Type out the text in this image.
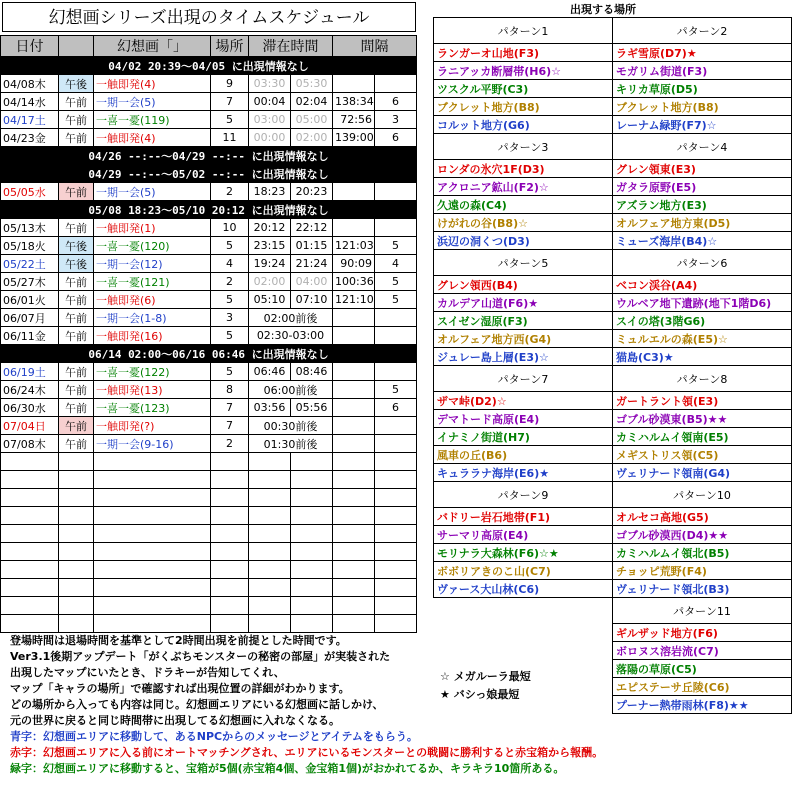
幻想画シリーズ出現のタイムスケジュール
日付		幻想画「」	場所	滞在時間		間隔	
04/02 20:39～04/05 に出現情報なし							
04/08木	午後	一触即発(4)	9	03:30	05:30		
04/14水	午前	一期一会(5)	7	00:04	02:04	138:34	6
04/17土	午前	一喜一憂(119)	5	03:00	05:00	72:56	3
04/23金	午前	一触即発(4)	11	00:00	02:00	139:00	6
04/26 --:--～04/29 --:-- に出現情報なし							
04/29 --:--～05/02 --:-- に出現情報なし							
05/05水	午前	一期一会(5)	2	18:23	20:23		
05/08 18:23～05/10 20:12 に出現情報なし							
05/13木	午前	一触即発(1)	10	20:12	22:12		
05/18火	午後	一喜一憂(120)	5	23:15	01:15	121:03	5
05/22土	午後	一期一会(12)	4	19:24	21:24	90:09	4
05/27木	午前	一喜一憂(121)	2	02:00	04:00	100:36	5
06/01火	午前	一触即発(6)	5	05:10	07:10	121:10	5
06/07月	午前	一期一会(1-8)	3	02:00前後			
06/11金	午前	一触即発(16)	5	02:30-03:00			
06/14 02:00～06/16 06:46 に出現情報なし							
06/19土	午前	一喜一憂(122)	5	06:46	08:46		
06/24木	午前	一触即発(13)	8	06:00前後			5
06/30水	午前	一喜一憂(123)	7	03:56	05:56		6
07/04日	午前	一触即発(?)	7	00:30前後			
07/08木	午前	一期一会(9-16)	2	01:30前後			

登場時間は退場時間を基準として2時間出現を前提とした時間です。
Ver3.1後期アップデート「がくぶちモンスターの秘密の部屋」が実装された
出現したマップにいたとき、ドラキーが告知してくれ、
マップ「キャラの場所」で確認すれば出現位置の詳細がわかります。
どの場所から入っても内容は同じ。幻想画エリアにいる幻想画に話しかけ、
元の世界に戻ると同じ時間帯に出現してる幻想画に入れなくなる。
青字：幻想画エリアに移動して、あるNPCからのメッセージとアイテムをもらう。
赤字：幻想画エリアに入る前にオートマッチングされ、エリアにいるモンスターとの戦闘に勝利すると赤宝箱から報酬。
緑字：幻想画エリアに移動すると、宝箱が5個(赤宝箱4個、金宝箱1個)がおかれてるか、キラキラ10箇所ある。
出現する場所
パターン1	パターン2
ランガーオ山地(F3)	ラギ雪原(D7)★
ラニアッカ断層帯(H6)☆	モガリム街道(F3)
ツスクル平野(C3)	キリカ草原(D5)
ブクレット地方(B8)	ブクレット地方(B8)
コルット地方(G6)	レーナム緑野(F7)☆
パターン3	パターン4
ロンダの氷穴1F(D3)	グレン領東(E3)
アクロニア鉱山(F2)☆	ガタラ原野(E5)
久遠の森(C4)	アズラン地方(E3)
けがれの谷(B8)☆	オルフェア地方東(D5)
浜辺の洞くつ(D3)	ミューズ海岸(B4)☆
パターン5	パターン6
グレン領西(B4)	ベコン渓谷(A4)
カルデア山道(F6)★	ウルベア地下遺跡(地下1階D6)
スイゼン湿原(F3)	スイの塔(3階G6)
オルフェア地方西(G4)	ミュルエルの森(E5)☆
ジュレー島上層(E3)☆	猫島(C3)★
パターン7	パターン8
ザマ峠(D2)☆	ガートラント領(E3)
デマトード高原(E4)	ゴブル砂漠東(B5)★★
イナミノ街道(H7)	カミハルムイ領南(E5)
風車の丘(B6)	メギストリス領(C5)
キュララナ海岸(E6)★	ヴェリナード領南(G4)
パターン9	パターン10
バドリー岩石地帯(F1)	オルセコ高地(G5)
サーマリ高原(E4)	ゴブル砂漠西(D4)★★
モリナラ大森林(F6)☆★	カミハルムイ領北(B5)
ボボリアきのこ山(C7)	チョッピ荒野(F4)
ヴァース大山林(C6)	ヴェリナード領北(B3)
	パターン11
	ギルザッド地方(F6)
	ボロヌス溶岩流(C7)
	落陽の草原(C5)
	エピステーサ丘陵(C6)
	プーナー熱帯雨林(F8)★★
☆ メガルーラ最短
★ バシっ娘最短
